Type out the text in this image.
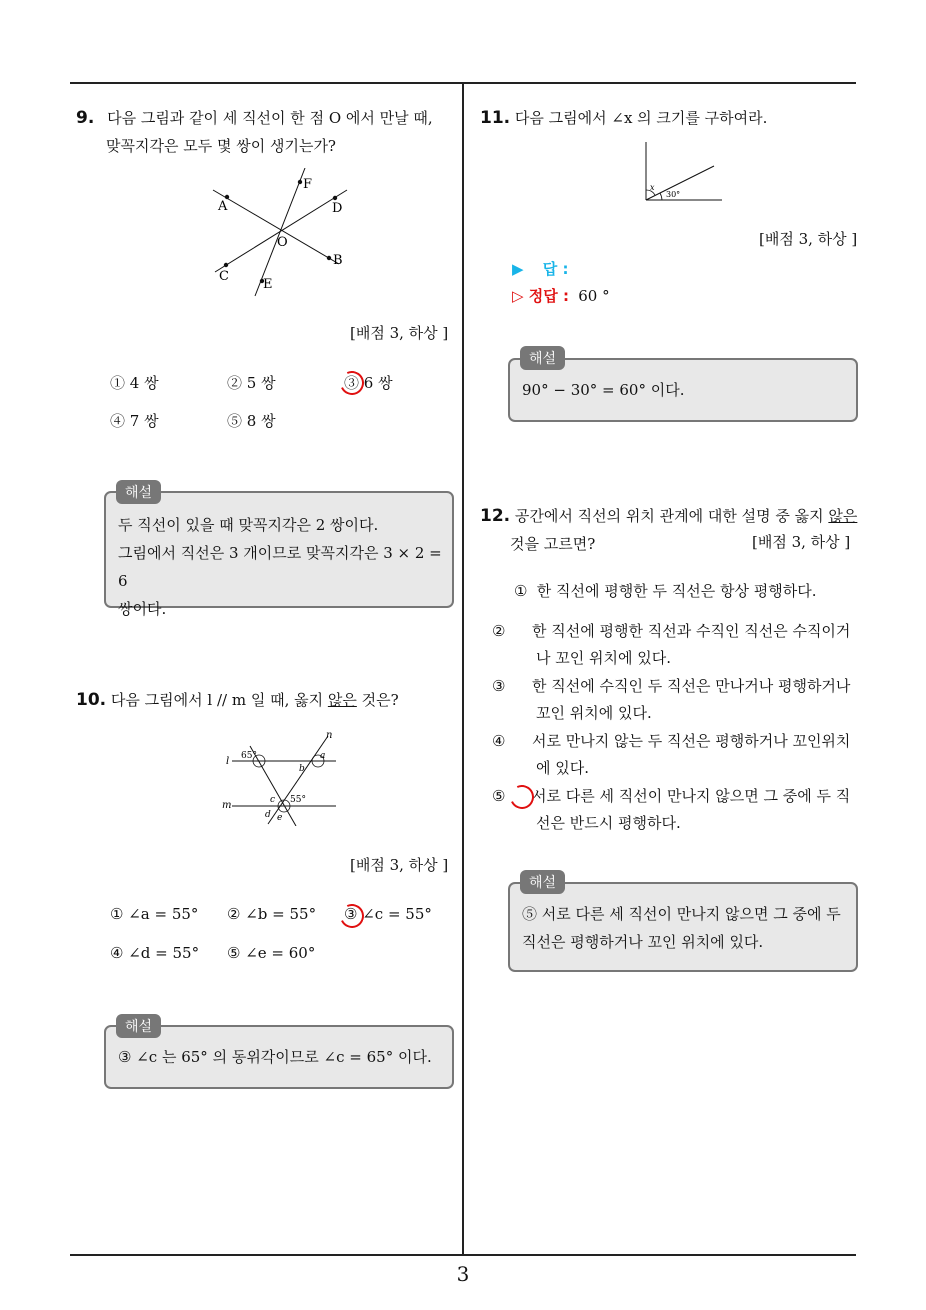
3
9. 다음 그림과 같이 세 직선이 한 점 O 에서 만날 때,
맞꼭지각은 모두 몇 쌍이 생기는가?
A
B
C
D
E
F
O
[배점 3, 하상 ]
① 4 쌍	② 5 쌍	③ 6 쌍
④ 7 쌍	⑤ 8 쌍
두 직선이 있을 때 맞꼭지각은 2 쌍이다.
그림에서 직선은 3 개이므로 맞꼭지각은 3 × 2 = 6
쌍이다.
해설
10. 다음 그림에서 l // m 일 때, 옳지 않은 것은?
l
m
n
65°	a
b
c 55°
d e
[배점 3, 하상 ]
① ∠a = 55° ② ∠b = 55° ③ ∠c = 55°
④ ∠d = 55° ⑤ ∠e = 60°
③ ∠c 는 65° 의 동위각이므로 ∠c = 65° 이다.
해설
11. 다음 그림에서 ∠x 의 크기를 구하여라.
x
30°
[배점 3, 하상 ]
▶ 답 :
▷ 정답 : 60 °
90° − 30° = 60° 이다.
해설
12. 공간에서 직선의 위치 관계에 대한 설명 중 옳지 않은
것을 고르면?	[배점 3, 하상 ]
① 한 직선에 평행한 두 직선은 항상 평행하다.
② 한 직선에 평행한 직선과 수직인 직선은 수직이거나 꼬인 위치에 있다.
③ 한 직선에 수직인 두 직선은 만나거나 평행하거나 꼬인 위치에 있다.
④ 서로 만나지 않는 두 직선은 평행하거나 꼬인위치에 있다.
⑤ 서로 다른 세 직선이 만나지 않으면 그 중에 두 직선은 반드시 평행하다.
⑤ 서로 다른 세 직선이 만나지 않으면 그 중에 두
직선은 평행하거나 꼬인 위치에 있다.
해설
